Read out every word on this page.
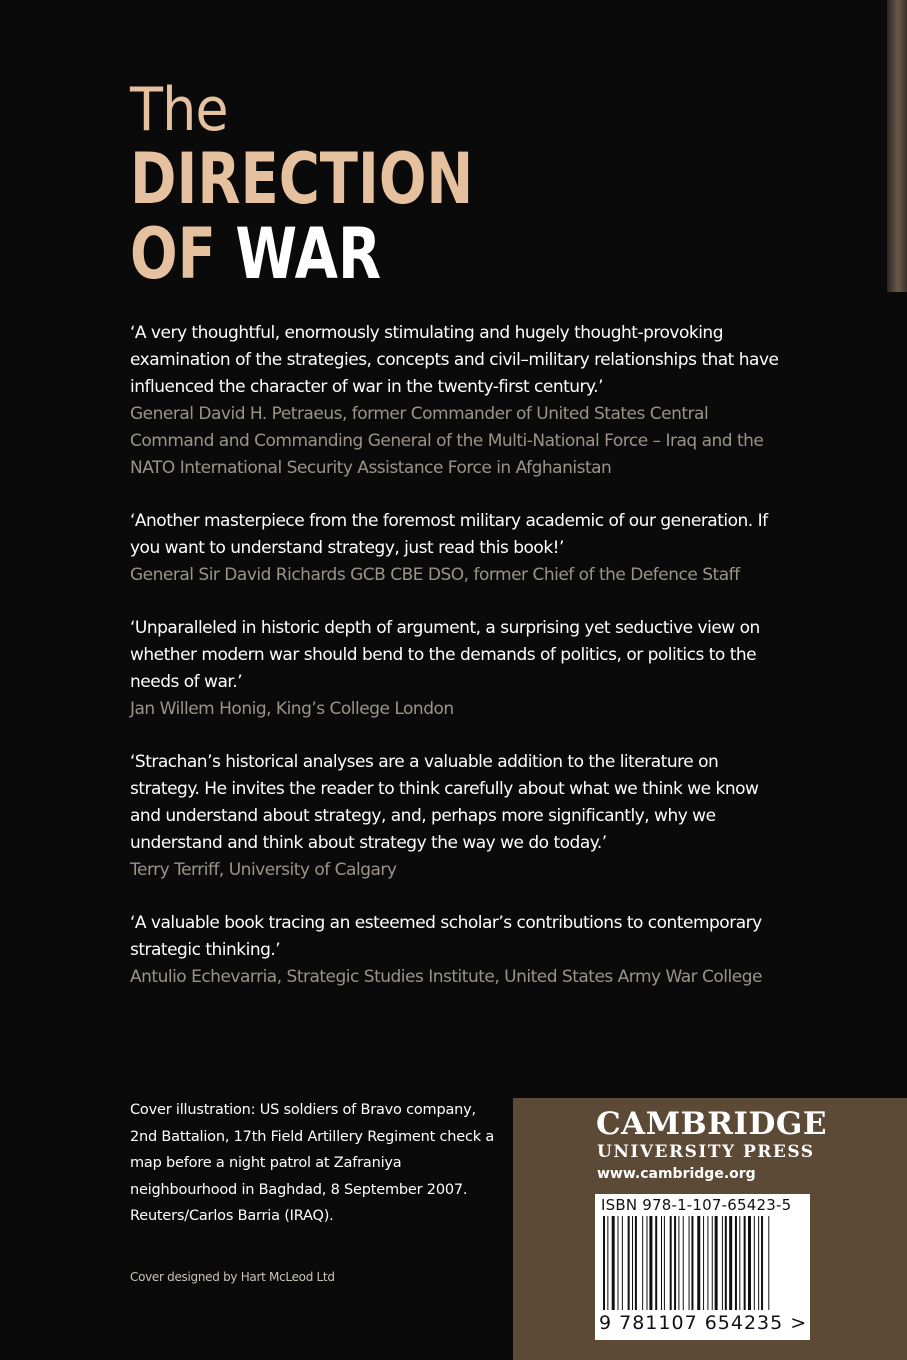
The
DIRECTION
OF WAR
‘A very thoughtful, enormously stimulating and hugely thought-provoking examination of the strategies, concepts and civil–military relationships that have influenced the character of war in the twenty-first century.’
General David H. Petraeus, former Commander of United States Central Command and Commanding General of the Multi-National Force – Iraq and the NATO International Security Assistance Force in Afghanistan
‘Another masterpiece from the foremost military academic of our generation. If you want to understand strategy, just read this book!’
General Sir David Richards GCB CBE DSO, former Chief of the Defence Staff
‘Unparalleled in historic depth of argument, a surprising yet seductive view on whether modern war should bend to the demands of politics, or politics to the needs of war.’
Jan Willem Honig, King’s College London
‘Strachan’s historical analyses are a valuable addition to the literature on strategy. He invites the reader to think carefully about what we think we know and understand about strategy, and, perhaps more significantly, why we understand and think about strategy the way we do today.’
Terry Terriff, University of Calgary
‘A valuable book tracing an esteemed scholar’s contributions to contemporary strategic thinking.’
Antulio Echevarria, Strategic Studies Institute, United States Army War College
Cover illustration: US soldiers of Bravo company, 2nd Battalion, 17th Field Artillery Regiment check a map before a night patrol at Zafraniya neighbourhood in Baghdad, 8 September 2007. Reuters/Carlos Barria (IRAQ).
Cover designed by Hart McLeod Ltd
CAMBRIDGE
UNIVERSITY PRESS
www.cambridge.org
ISBN 978-1-107-65423-5
9 781107 654235 >
